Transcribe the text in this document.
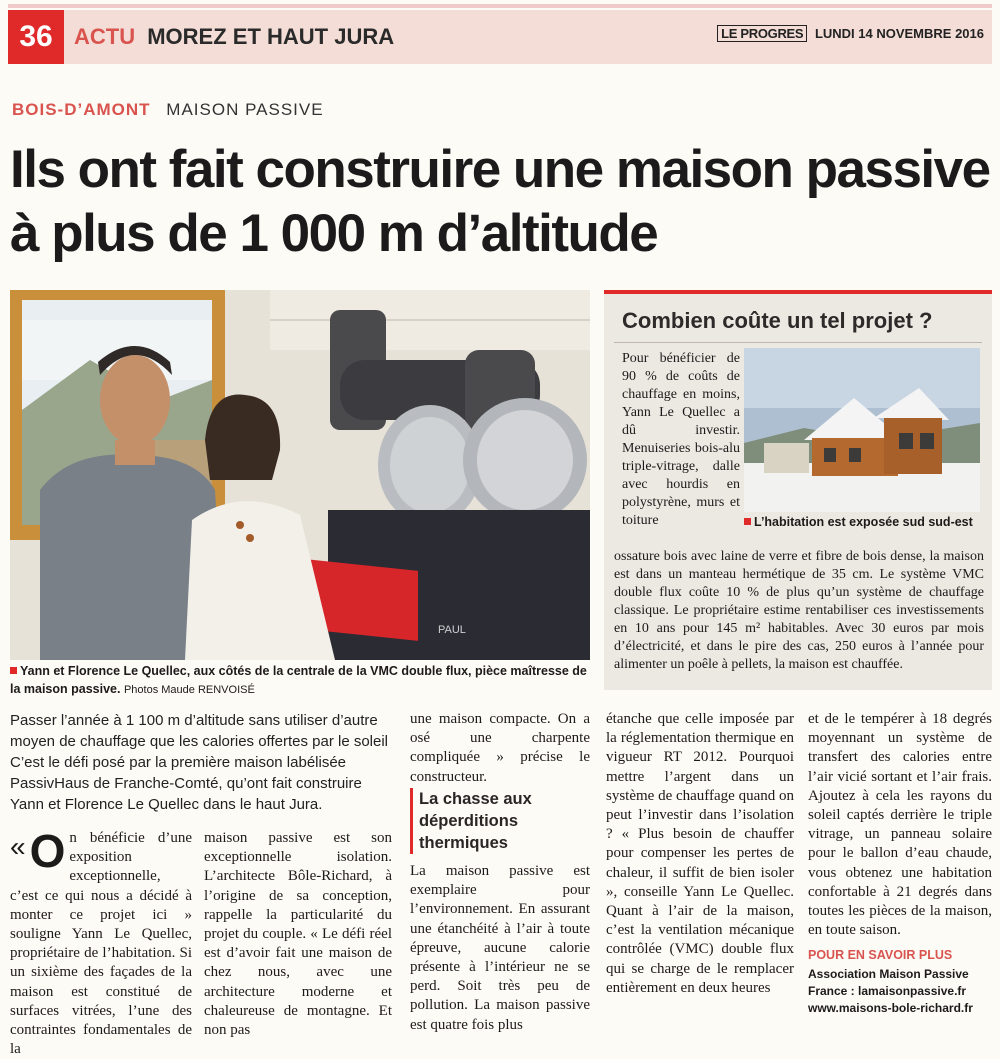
36 ACTU MOREZ ET HAUT JURA	LE PROGRES LUNDI 14 NOVEMBRE 2016
BOIS-D’AMONT MAISON PASSIVE
Ils ont fait construire une maison passive à plus de 1 000 m d’altitude
PAUL
Yann et Florence Le Quellec, aux côtés de la centrale de la VMC double flux, pièce maîtresse de la maison passive. Photos Maude RENVOISÉ
Combien coûte un tel projet ?
Pour bénéficier de 90 % de coûts de chauffage en moins, Yann Le Quellec a dû investir. Menuiseries bois-alu triple-vitrage, dalle avec hourdis en polystyrène, murs et toiture	L’habitation est exposée sud sud-est
ossature bois avec laine de verre et fibre de bois dense, la maison est dans un manteau hermétique de 35 cm. Le système VMC double flux coûte 10 % de plus qu’un système de chauffage classique. Le propriétaire estime rentabiliser ces investissements en 10 ans pour 145 m² habitables. Avec 30 euros par mois d’électricité, et dans le pire des cas, 250 euros à l’année pour alimenter un poêle à pellets, la maison est chauffée.
Passer l’année à 1 100 m d’altitude sans utiliser d’autre moyen de chauffage que les calories offertes par le soleil C’est le défi posé par la première maison labélisée PassivHaus de Franche-Comté, qu’ont fait construire Yann et Florence Le Quellec dans le haut Jura.
« O n bénéficie d’une exposition exceptionnelle, c’est ce qui nous a décidé à monter ce projet ici » souligne Yann Le Quellec, propriétaire de l’habitation. Si un sixième des façades de la maison est constitué de surfaces vitrées, l’une des contraintes fondamentales de la
maison passive est son exceptionnelle isolation. L’architecte Bôle-Richard, à l’origine de sa conception, rappelle la particularité du projet du couple. « Le défi réel est d’avoir fait une maison de chez nous, avec une architecture moderne et chaleureuse de montagne. Et non pas
une maison compacte. On a osé une charpente compliquée » précise le constructeur.
La chasse aux déperditions thermiques
La maison passive est exemplaire pour l’environnement. En assurant une étanchéité à l’air à toute épreuve, aucune calorie présente à l’intérieur ne se perd. Soit très peu de pollution. La maison passive est quatre fois plus
étanche que celle imposée par la réglementation thermique en vigueur RT 2012. Pourquoi mettre l’argent dans un système de chauffage quand on peut l’investir dans l’isolation ? « Plus besoin de chauffer pour compenser les pertes de chaleur, il suffit de bien isoler », conseille Yann Le Quellec. Quant à l’air de la maison, c’est la ventilation mécanique contrôlée (VMC) double flux qui se charge de le remplacer entièrement en deux heures
et de le tempérer à 18 degrés moyennant un système de transfert des calories entre l’air vicié sortant et l’air frais. Ajoutez à cela les rayons du soleil captés derrière le triple vitrage, un panneau solaire pour le ballon d’eau chaude, vous obtenez une habitation confortable à 21 degrés dans toutes les pièces de la maison, en toute saison.
POUR EN SAVOIR PLUS
Association Maison Passive
France : lamaisonpassive.fr
www.maisons-bole-richard.fr
